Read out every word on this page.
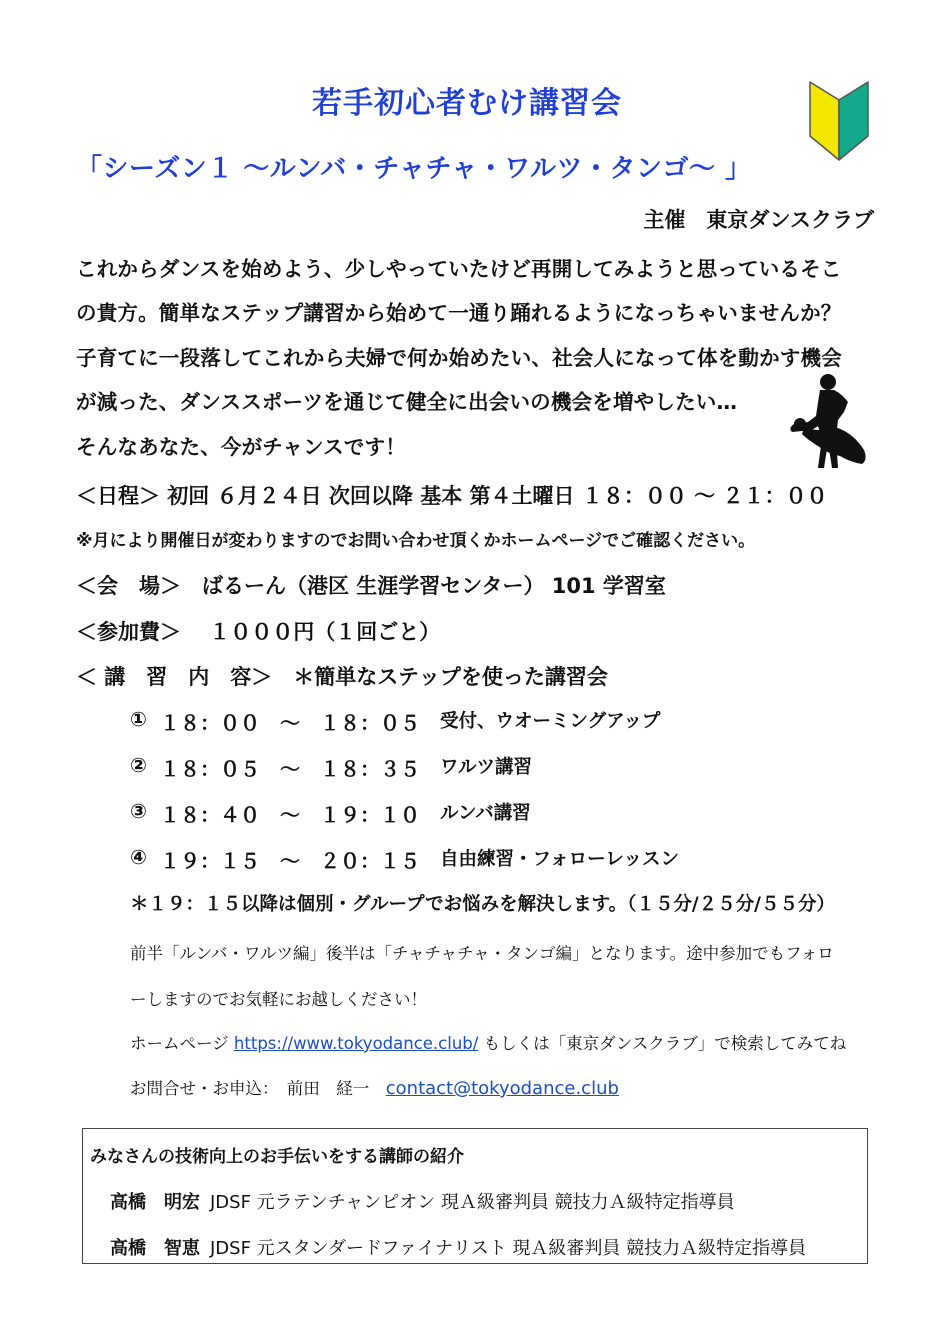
若手初心者むけ講習会
「シーズン１ 〜ルンバ・チャチャ・ワルツ・タンゴ〜 」
主催　東京ダンスクラブ
これからダンスを始めよう、少しやっていたけど再開してみようと思っているそこ
の貴方。簡単なステップ講習から始めて一通り踊れるようになっちゃいませんか？
子育てに一段落してこれから夫婦で何か始めたい、社会人になって体を動かす機会
が減った、ダンススポーツを通じて健全に出会いの機会を増やしたい…
そんなあなた、今がチャンスです！
＜日程＞ 初回 ６月２４日 次回以降 基本 第４土曜日 １８：００ 〜 ２１：００
※月により開催日が変わりますのでお問い合わせ頂くかホームページでご確認ください。
＜会　場＞　ばるーん（港区 生涯学習センター） 101 学習室
＜参加費＞　 １０００円（１回ごと）
＜ 講　習　内　容＞　＊簡単なステップを使った講習会
① １８：００　〜　１８：０５ 受付、ウオーミングアップ
② １８：０５　〜　１８：３５ ワルツ講習
③ １８：４０　〜　１９：１０ ルンバ講習
④ １９：１５　〜　２０：１５ 自由練習・フォローレッスン
＊１９：１５以降は個別・グループでお悩みを解決します。（１５分/２５分/５５分）
前半「ルンバ・ワルツ編」後半は「チャチャチャ・タンゴ編」となります。途中参加でもフォロ
ーしますのでお気軽にお越しください！
ホームページ https://www.tokyodance.club/ もしくは「東京ダンスクラブ」で検索してみてね
お問合せ・お申込：　前田　経一　contact@tokyodance.club
みなさんの技術向上のお手伝いをする講師の紹介
高橋　明宏 JDSF 元ラテンチャンピオン 現Ａ級審判員 競技力Ａ級特定指導員
高橋　智恵 JDSF 元スタンダードファイナリスト 現Ａ級審判員 競技力Ａ級特定指導員
